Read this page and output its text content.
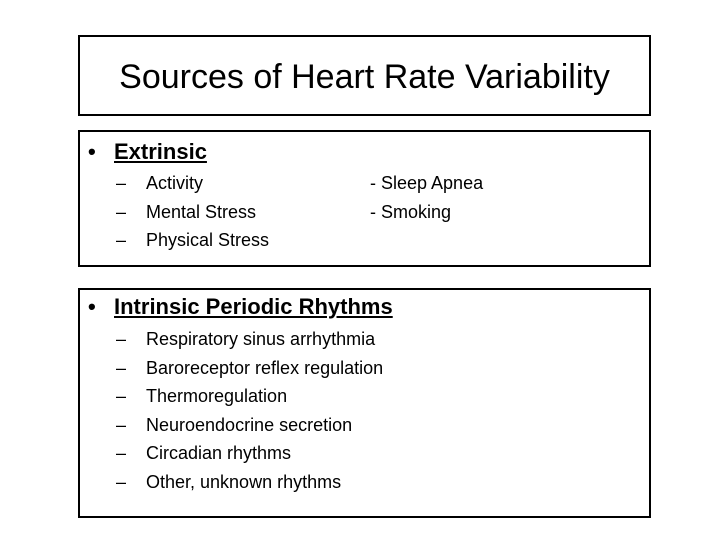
Sources of Heart Rate Variability
• Extrinsic
– Activity
– Mental Stress
– Physical Stress
- Sleep Apnea
- Smoking
• Intrinsic Periodic Rhythms
– Respiratory sinus arrhythmia
– Baroreceptor reflex regulation
– Thermoregulation
– Neuroendocrine secretion
– Circadian rhythms
– Other, unknown rhythms
